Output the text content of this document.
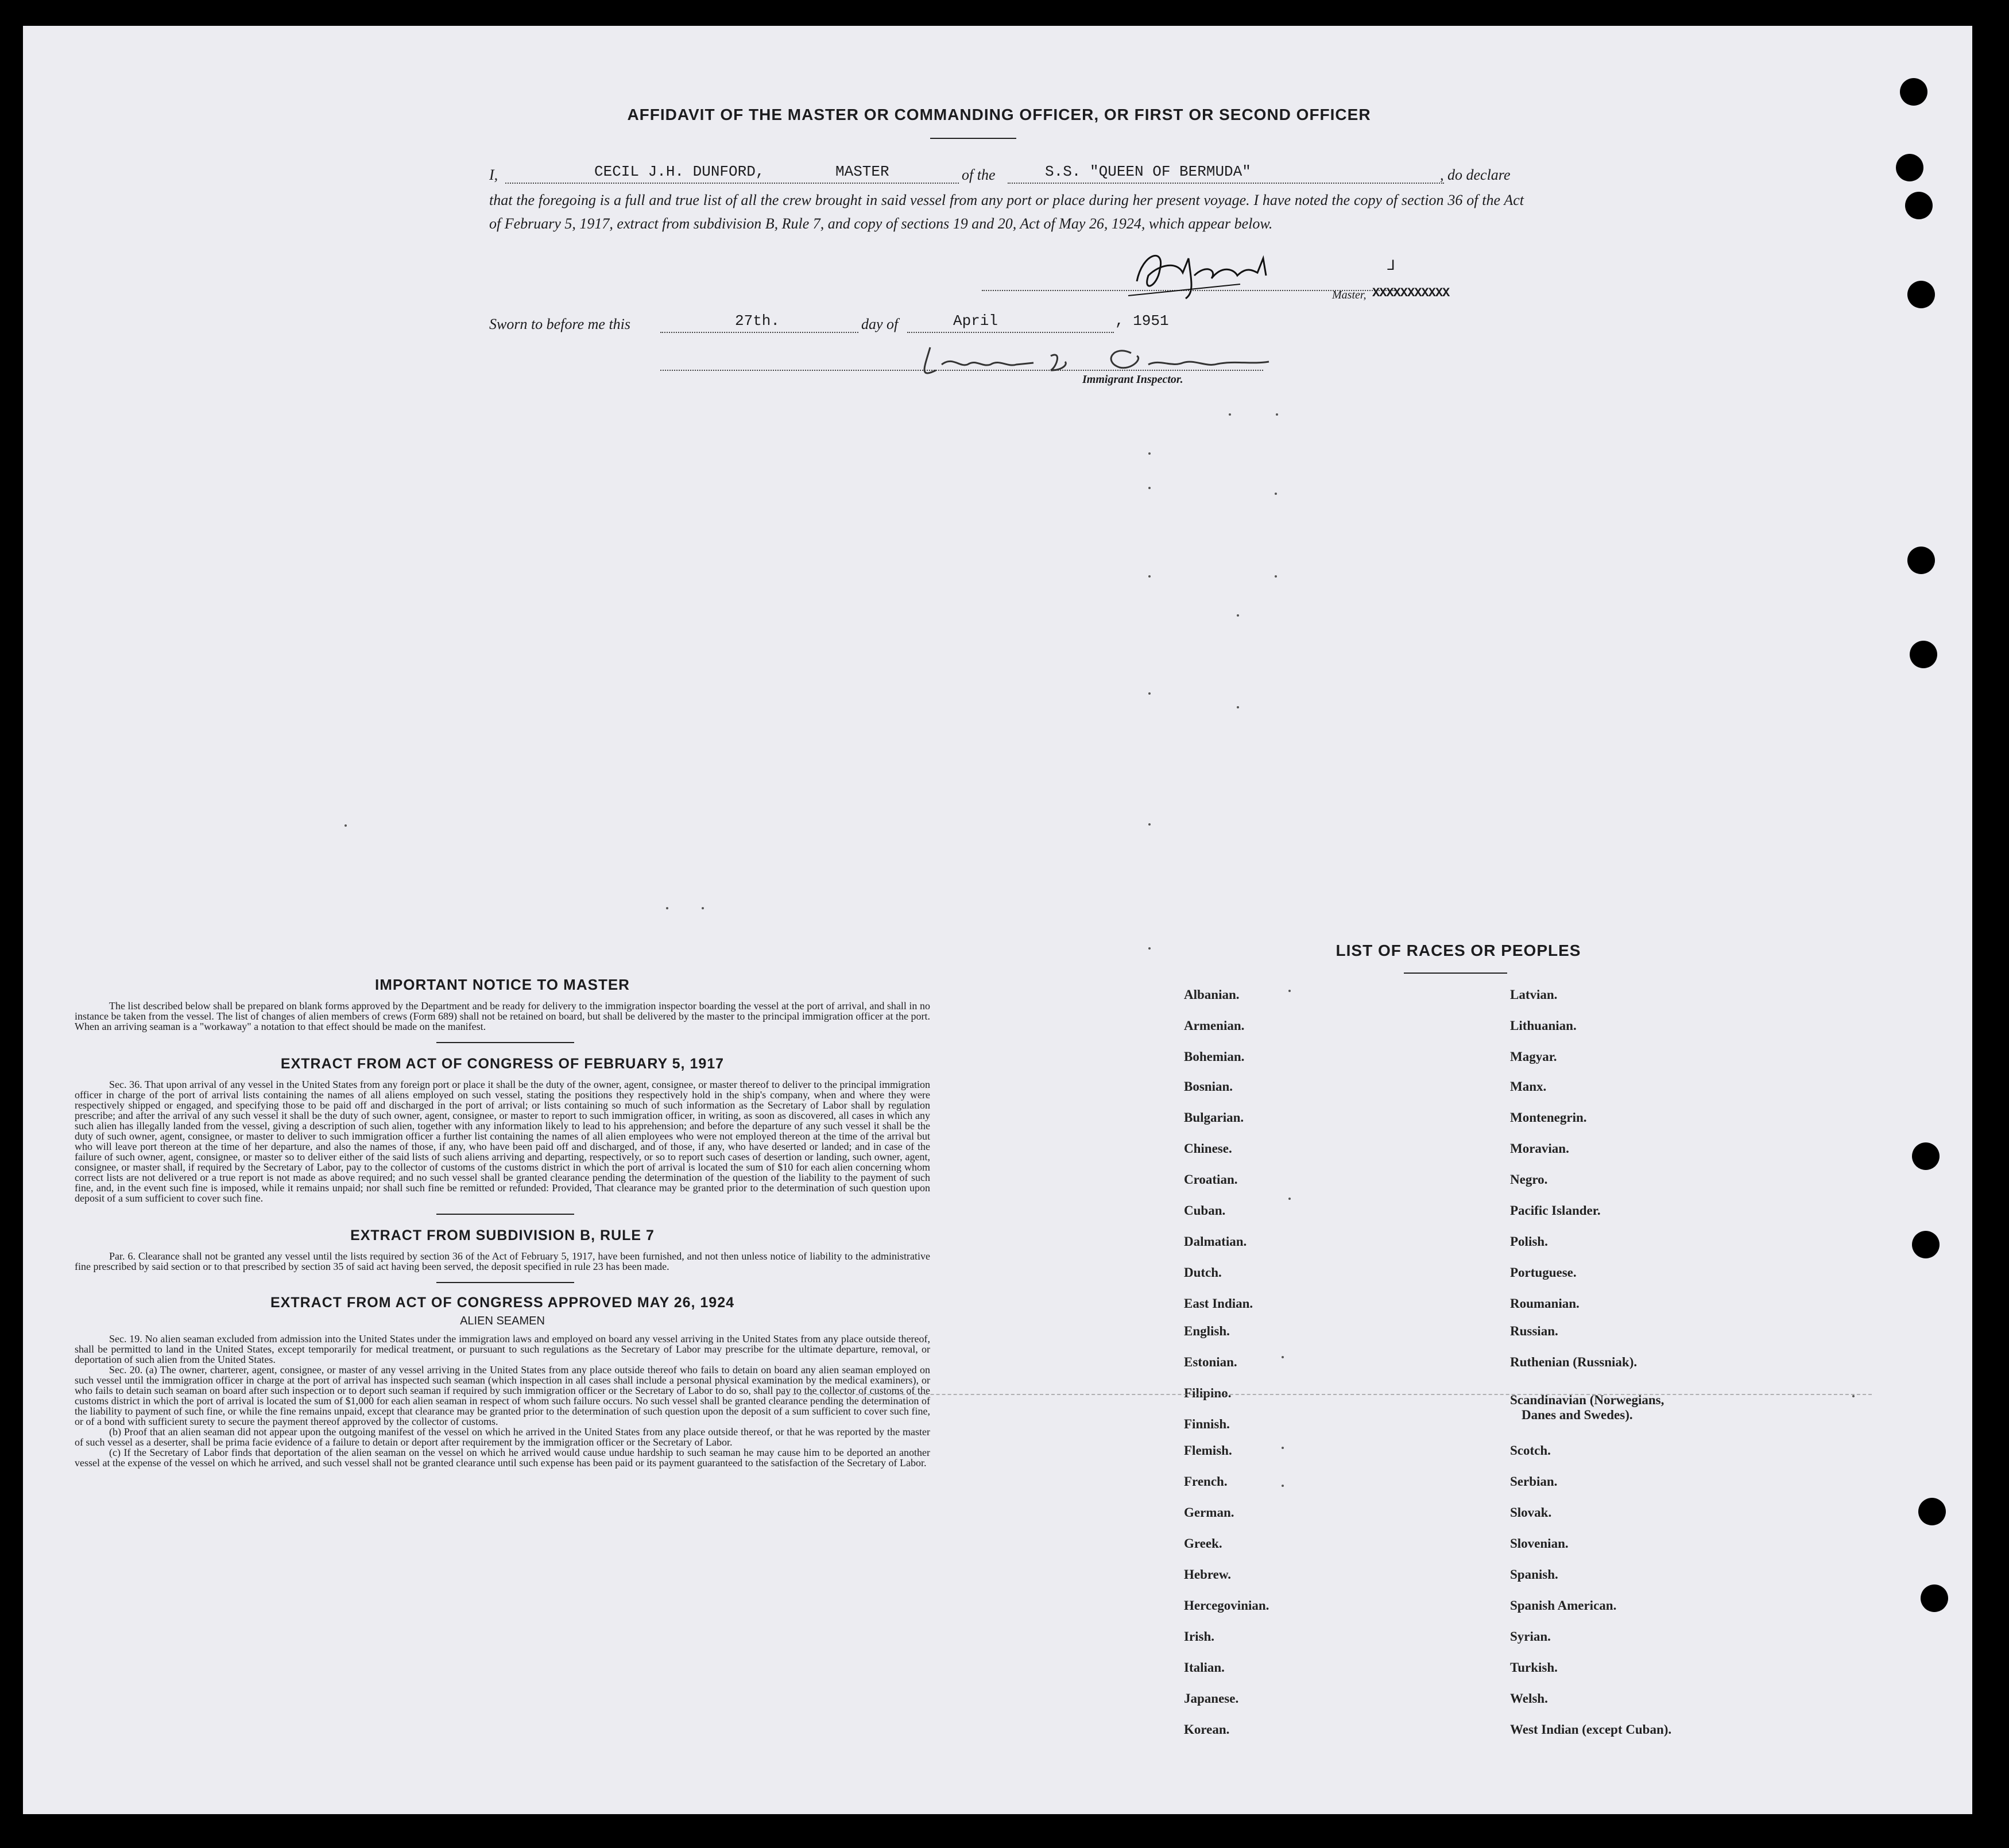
AFFIDAVIT OF THE MASTER OR COMMANDING OFFICER, OR FIRST OR SECOND OFFICER
I,	CECIL J.H. DUNFORD,	MASTER	of the	S.S. "QUEEN OF BERMUDA"	, do declare
that the foregoing is a full and true list of all the crew brought in said vessel from any port or place during her present voyage. I have noted the copy of section 36 of the Act of February 5, 1917, extract from subdivision B, Rule 7, and copy of sections 19 and 20, Act of May 26, 1924, which appear below.
ᒧ
Master, XXXXXXXXXXX
Sworn to before me this	27th.	day of	April	, 1951
Immigrant Inspector.
IMPORTANT NOTICE TO MASTER

The list described below shall be prepared on blank forms approved by the Department and be ready for delivery to the immigration inspector boarding the vessel at the port of arrival, and shall in no instance be taken from the vessel. The list of changes of alien members of crews (Form 689) shall not be retained on board, but shall be delivered by the master to the principal immigration officer at the port. When an arriving seaman is a "workaway" a notation to that effect should be made on the manifest.

EXTRACT FROM ACT OF CONGRESS OF FEBRUARY 5, 1917

Sec. 36. That upon arrival of any vessel in the United States from any foreign port or place it shall be the duty of the owner, agent, consignee, or master thereof to deliver to the principal immigration officer in charge of the port of arrival lists containing the names of all aliens employed on such vessel, stating the positions they respectively hold in the ship's company, when and where they were respectively shipped or engaged, and specifying those to be paid off and discharged in the port of arrival; or lists containing so much of such information as the Secretary of Labor shall by regulation prescribe; and after the arrival of any such vessel it shall be the duty of such owner, agent, consignee, or master to report to such immigration officer, in writing, as soon as discovered, all cases in which any such alien has illegally landed from the vessel, giving a description of such alien, together with any information likely to lead to his apprehension; and before the departure of any such vessel it shall be the duty of such owner, agent, consignee, or master to deliver to such immigration officer a further list containing the names of all alien employees who were not employed thereon at the time of the arrival but who will leave port thereon at the time of her departure, and also the names of those, if any, who have been paid off and discharged, and of those, if any, who have deserted or landed; and in case of the failure of such owner, agent, consignee, or master so to deliver either of the said lists of such aliens arriving and departing, respectively, or so to report such cases of desertion or landing, such owner, agent, consignee, or master shall, if required by the Secretary of Labor, pay to the collector of customs of the customs district in which the port of arrival is located the sum of $10 for each alien concerning whom correct lists are not delivered or a true report is not made as above required; and no such vessel shall be granted clearance pending the determination of the question of the liability to the payment of such fine, and, in the event such fine is imposed, while it remains unpaid; nor shall such fine be remitted or refunded: Provided, That clearance may be granted prior to the determination of such question upon deposit of a sum sufficient to cover such fine.

EXTRACT FROM SUBDIVISION B, RULE 7

Par. 6. Clearance shall not be granted any vessel until the lists required by section 36 of the Act of February 5, 1917, have been furnished, and not then unless notice of liability to the administrative fine prescribed by said section or to that prescribed by section 35 of said act having been served, the deposit specified in rule 23 has been made.

EXTRACT FROM ACT OF CONGRESS APPROVED MAY 26, 1924
ALIEN SEAMEN

Sec. 19. No alien seaman excluded from admission into the United States under the immigration laws and employed on board any vessel arriving in the United States from any place outside thereof, shall be permitted to land in the United States, except temporarily for medical treatment, or pursuant to such regulations as the Secretary of Labor may prescribe for the ultimate departure, removal, or deportation of such alien from the United States.

Sec. 20. (a) The owner, charterer, agent, consignee, or master of any vessel arriving in the United States from any place outside thereof who fails to detain on board any alien seaman employed on such vessel until the immigration officer in charge at the port of arrival has inspected such seaman (which inspection in all cases shall include a personal physical examination by the medical examiners), or who fails to detain such seaman on board after such inspection or to deport such seaman if required by such immigration officer or the Secretary of Labor to do so, shall pay to the collector of customs of the customs district in which the port of arrival is located the sum of $1,000 for each alien seaman in respect of whom such failure occurs. No such vessel shall be granted clearance pending the determination of the liability to payment of such fine, or while the fine remains unpaid, except that clearance may be granted prior to the determination of such question upon the deposit of a sum sufficient to cover such fine, or of a bond with sufficient surety to secure the payment thereof approved by the collector of customs.

(b) Proof that an alien seaman did not appear upon the outgoing manifest of the vessel on which he arrived in the United States from any place outside thereof, or that he was reported by the master of such vessel as a deserter, shall be prima facie evidence of a failure to detain or deport after requirement by the immigration officer or the Secretary of Labor.

(c) If the Secretary of Labor finds that deportation of the alien seaman on the vessel on which he arrived would cause undue hardship to such seaman he may cause him to be deported an another vessel at the expense of the vessel on which he arrived, and such vessel shall not be granted clearance until such expense has been paid or its payment guaranteed to the satisfaction of the Secretary of Labor.

LIST OF RACES OR PEOPLES
Albanian.
Armenian.
Bohemian.
Bosnian.
Bulgarian.
Chinese.
Croatian.
Cuban.
Dalmatian.
Dutch.
East Indian.
English.
Estonian.
Filipino.
Finnish.
Flemish.
French.
German.
Greek.
Hebrew.
Hercegovinian.
Irish.
Italian.
Japanese.
Korean.
Latvian.
Lithuanian.
Magyar.
Manx.
Montenegrin.
Moravian.
Negro.
Pacific Islander.
Polish.
Portuguese.
Roumanian.
Russian.
Ruthenian (Russniak).
Scandinavian (Norwegians,
Danes and Swedes).
Scotch.
Serbian.
Slovak.
Slovenian.
Spanish.
Spanish American.
Syrian.
Turkish.
Welsh.
West Indian (except Cuban).
